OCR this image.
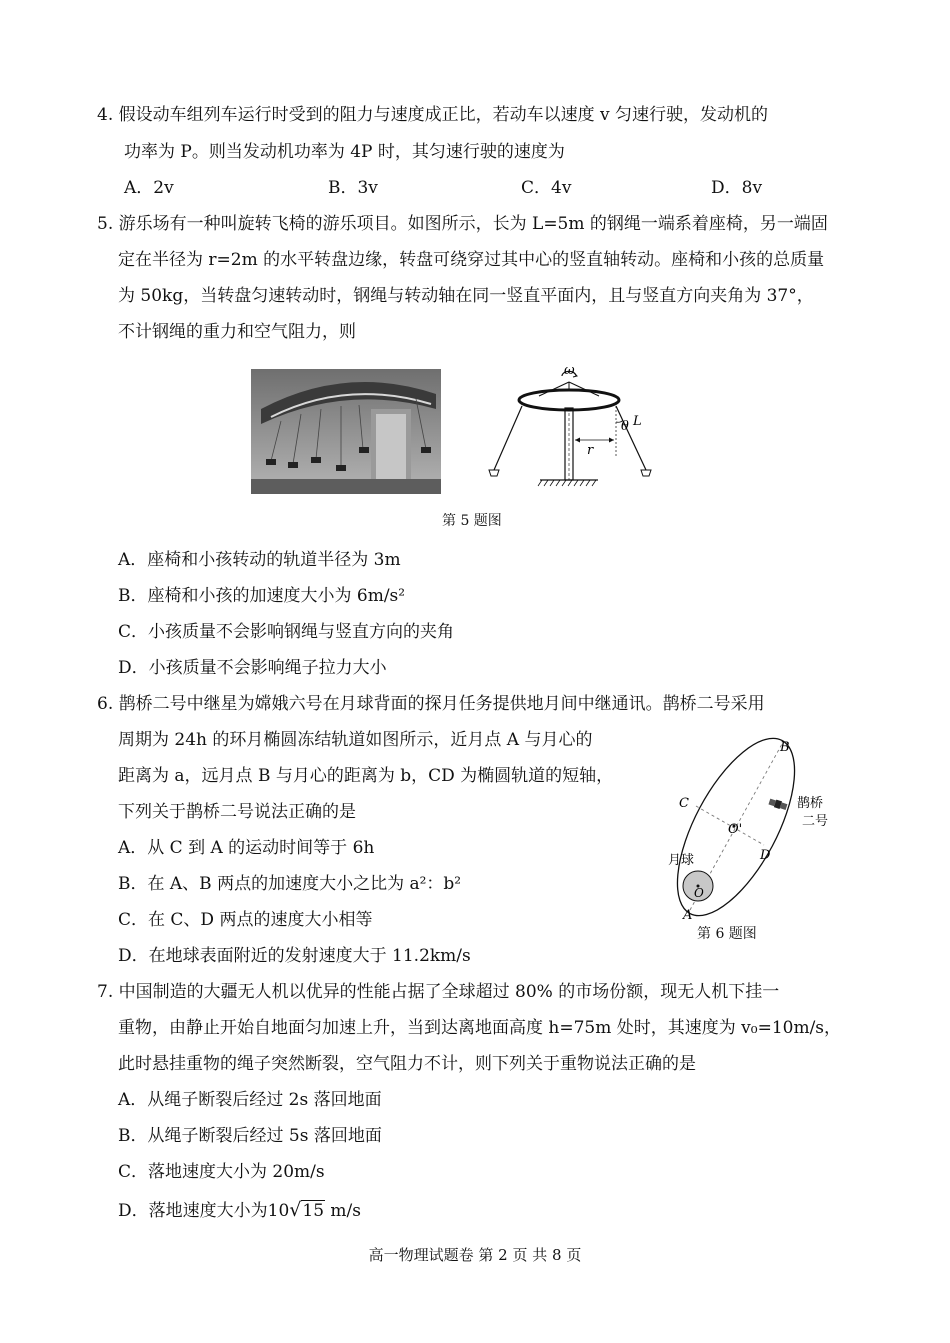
4. 假设动车组列车运行时受到的阻力与速度成正比，若动车以速度 v 匀速行驶，发动机的
功率为 P。则当发动机功率为 4P 时，其匀速行驶的速度为
A．2v	B．3v	C．4v	D．8v
5. 游乐场有一种叫旋转飞椅的游乐项目。如图所示，长为 L=5m 的钢绳一端系着座椅，另一端固
定在半径为 r=2m 的水平转盘边缘，转盘可绕穿过其中心的竖直轴转动。座椅和小孩的总质量
为 50kg，当转盘匀速转动时，钢绳与转动轴在同一竖直平面内，且与竖直方向夹角为 37°，
不计钢绳的重力和空气阻力，则
ω
r
θ L
第 5 题图
A．座椅和小孩转动的轨道半径为 3m
B．座椅和小孩的加速度大小为 6m/s²
C．小孩质量不会影响钢绳与竖直方向的夹角
D．小孩质量不会影响绳子拉力大小
6. 鹊桥二号中继星为嫦娥六号在月球背面的探月任务提供地月间中继通讯。鹊桥二号采用
周期为 24h 的环月椭圆冻结轨道如图所示，近月点 A 与月心的
距离为 a，远月点 B 与月心的距离为 b，CD 为椭圆轨道的短轴，
下列关于鹊桥二号说法正确的是
A．从 C 到 A 的运动时间等于 6h
B．在 A、B 两点的加速度大小之比为 a²：b²
C．在 C、D 两点的速度大小相等
D．在地球表面附近的发射速度大于 11.2km/s
B
C
D
A
O'
O
月球
鹊桥
二号
第 6 题图
7. 中国制造的大疆无人机以优异的性能占据了全球超过 80% 的市场份额，现无人机下挂一
重物，由静止开始自地面匀加速上升，当到达离地面高度 h=75m 处时，其速度为 v₀=10m/s，
此时悬挂重物的绳子突然断裂，空气阻力不计，则下列关于重物说法正确的是
A．从绳子断裂后经过 2s 落回地面
B．从绳子断裂后经过 5s 落回地面
C．落地速度大小为 20m/s
D．落地速度大小为10√15 m/s
高一物理试题卷 第 2 页 共 8 页
